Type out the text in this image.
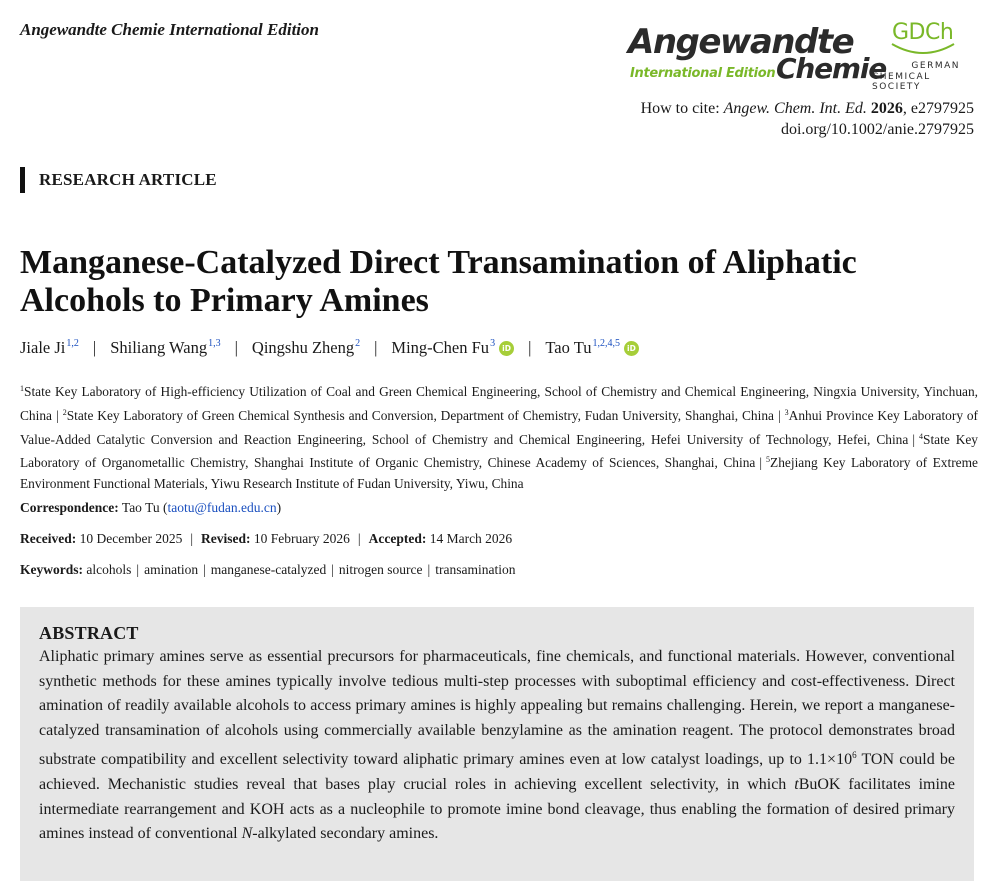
Angewandte Chemie International Edition	Angewandte
International Edition Chemie
GDCh
GERMAN
CHEMICAL SOCIETY
How to cite: Angew. Chem. Int. Ed. 2026, e2797925
doi.org/10.1002/anie.2797925
RESEARCH ARTICLE
Manganese-Catalyzed Direct Transamination of Aliphatic Alcohols to Primary Amines
Jiale Ji$^{1,2}$ | Shiliang Wang$^{1,3}$ | Qingshu Zheng$^2$ | Ming-Chen Fu$^3$ iD | Tao Tu$^{1,2,4,5}$ iD
$^1$State Key Laboratory of High-efficiency Utilization of Coal and Green Chemical Engineering, School of Chemistry and Chemical Engineering, Ningxia University, Yinchuan, China | $^2$State Key Laboratory of Green Chemical Synthesis and Conversion, Department of Chemistry, Fudan University, Shanghai, China | $^3$Anhui Province Key Laboratory of Value-Added Catalytic Conversion and Reaction Engineering, School of Chemistry and Chemical Engineering, Hefei University of Technology, Hefei, China | $^4$State Key Laboratory of Organometallic Chemistry, Shanghai Institute of Organic Chemistry, Chinese Academy of Sciences, Shanghai, China | $^5$Zhejiang Key Laboratory of Extreme Environment Functional Materials, Yiwu Research Institute of Fudan University, Yiwu, China
Correspondence: Tao Tu (taotu@fudan.edu.cn)
Received: 10 December 2025 | Revised: 10 February 2026 | Accepted: 14 March 2026
Keywords: alcohols | amination | manganese-catalyzed | nitrogen source | transamination
ABSTRACT

Aliphatic primary amines serve as essential precursors for pharmaceuticals, fine chemicals, and functional materials. However, conventional synthetic methods for these amines typically involve tedious multi-step processes with suboptimal efficiency and cost-effectiveness. Direct amination of readily available alcohols to access primary amines is highly appealing but remains challenging. Herein, we report a manganese-catalyzed transamination of alcohols using commercially available benzylamine as the amination reagent. The protocol demonstrates broad substrate compatibility and excellent selectivity toward aliphatic primary amines even at low catalyst loadings, up to $1.1\times 10^6$ TON could be achieved. Mechanistic studies reveal that bases play crucial roles in achieving excellent selectivity, in which tBuOK facilitates imine intermediate rearrangement and KOH acts as a nucleophile to promote imine bond cleavage, thus enabling the formation of desired primary amines instead of conventional N-alkylated secondary amines.
